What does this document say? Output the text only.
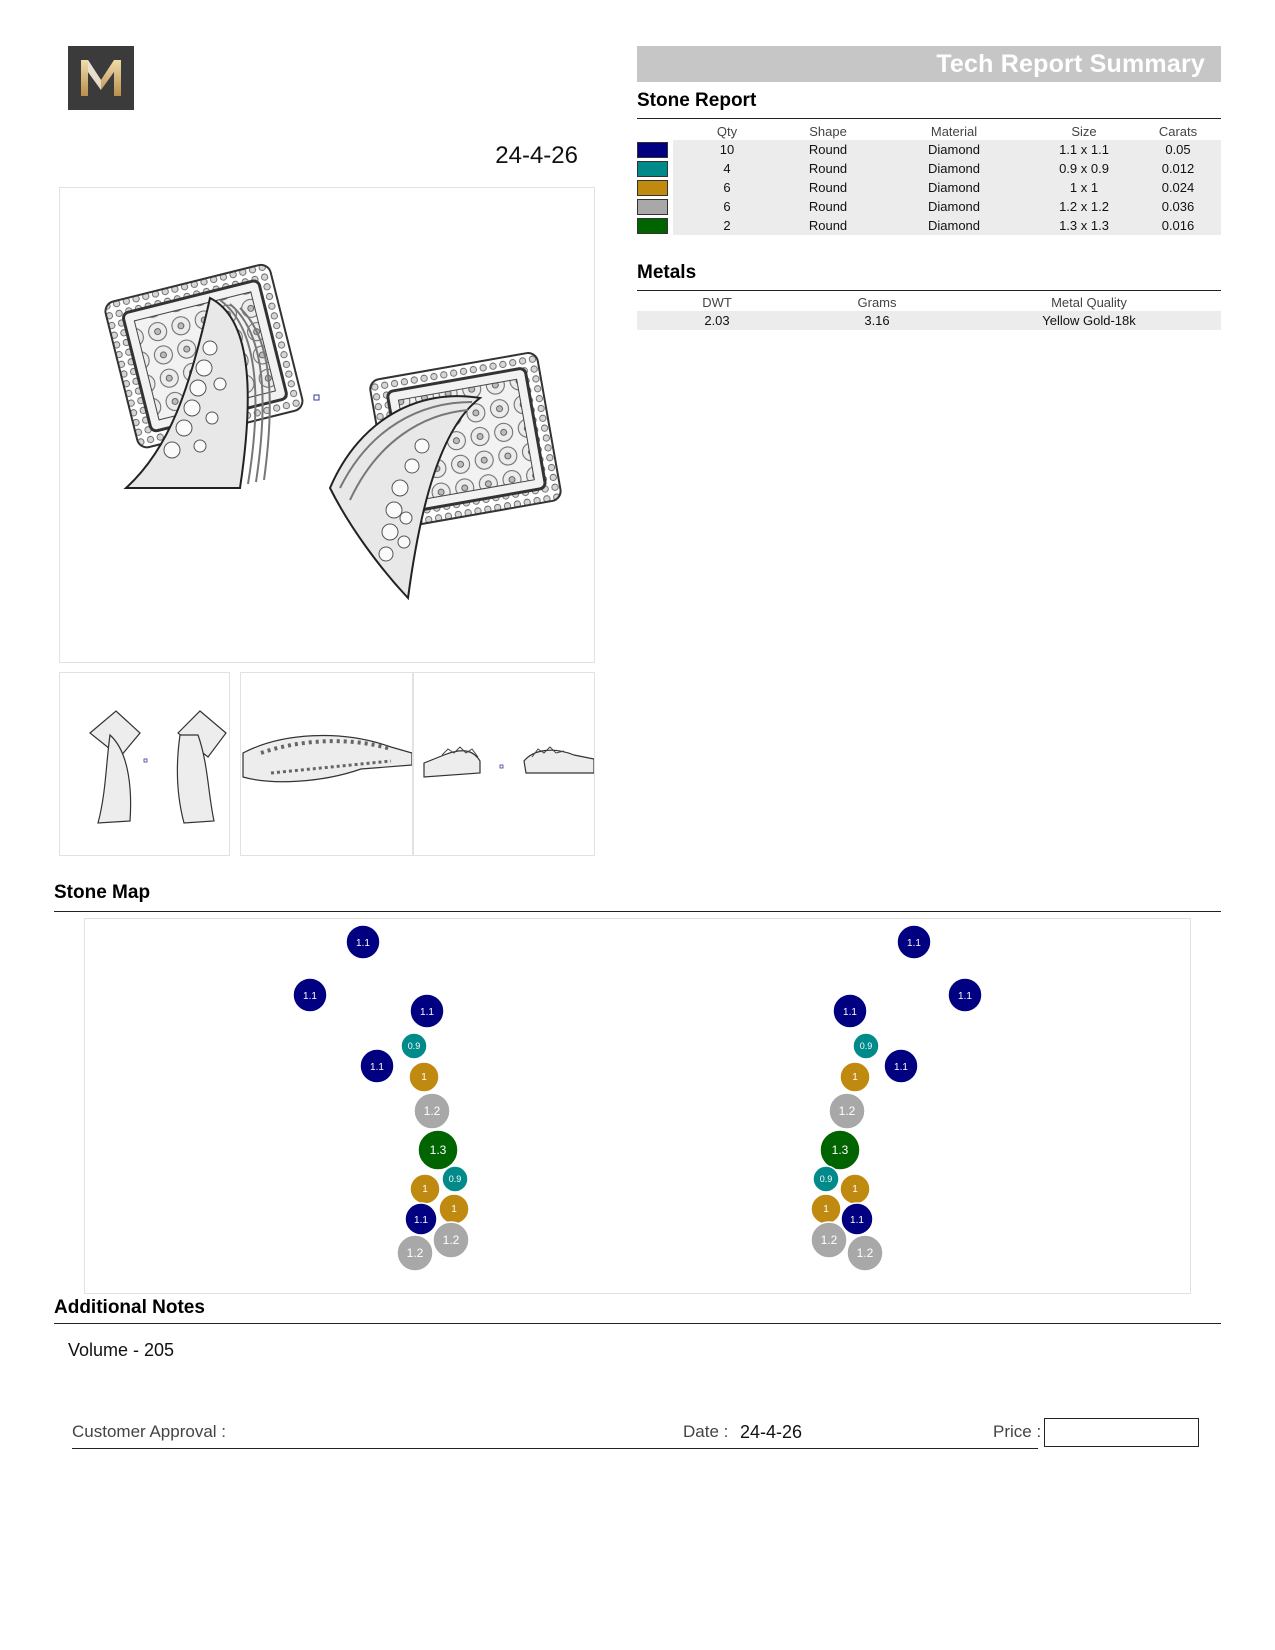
24-4-26
Tech Report Summary
Stone Report
	Qty	Shape	Material	Size	Carats
	10	Round	Diamond	1.1 x 1.1	0.05
	4	Round	Diamond	0.9 x 0.9	0.012
	6	Round	Diamond	1 x 1	0.024
	6	Round	Diamond	1.2 x 1.2	0.036
	2	Round	Diamond	1.3 x 1.3	0.016
Metals
DWT	Grams	Metal Quality
2.03	3.16	Yellow Gold-18k
Stone Map
1.1
1.1
1.1
0.9
1.1
1
1.2
1.3
0.9
1
1
1.1
1.2
1.2
1.1
1.1
1.1
0.9
1.1
1
1.2
1.3
0.9
1
1
1.1
1.2
1.2
Additional Notes
Volume - 205
Customer Approval :	Date : 24-4-26	Price :
